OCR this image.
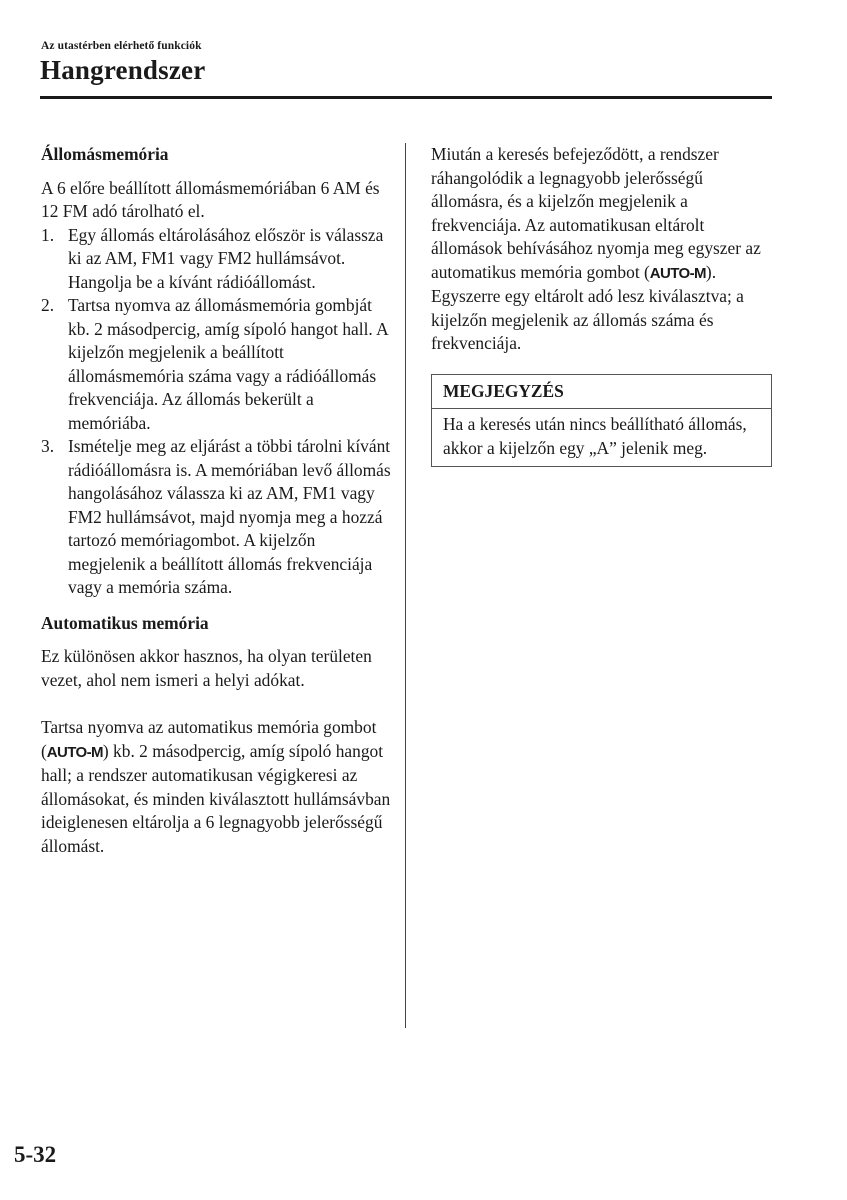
Az utastérben elérhető funkciók
Hangrendszer

Állomásmemória

A 6 előre beállított állomásmemóriában 6 AM és 12 FM adó tárolható el.

1. Egy állomás eltárolásához először is válassza ki az AM, FM1 vagy FM2 hullámsávot. Hangolja be a kívánt rádióállomást.
2. Tartsa nyomva az állomásmemória gombját kb. 2 másodpercig, amíg sípoló hangot hall. A kijelzőn megjelenik a beállított állomásmemória száma vagy a rádióállomás frekvenciája. Az állomás bekerült a memóriába.
3. Ismételje meg az eljárást a többi tárolni kívánt rádióállomásra is. A memóriában levő állomás hangolásához válassza ki az AM, FM1 vagy FM2 hullámsávot, majd nyomja meg a hozzá tartozó memóriagombot. A kijelzőn megjelenik a beállított állomás frekvenciája vagy a memória száma.

Automatikus memória

Ez különösen akkor hasznos, ha olyan területen vezet, ahol nem ismeri a helyi adókat.

Tartsa nyomva az automatikus memória gombot (AUTO-M) kb. 2 másodpercig, amíg sípoló hangot hall; a rendszer automatikusan végigkeresi az állomásokat, és minden kiválasztott hullámsávban ideiglenesen eltárolja a 6 legnagyobb jelerősségű állomást.

Miután a keresés befejeződött, a rendszer ráhangolódik a legnagyobb jelerősségű állomásra, és a kijelzőn megjelenik a frekvenciája. Az automatikusan eltárolt állomások behívásához nyomja meg egyszer az automatikus memória gombot (AUTO-M). Egyszerre egy eltárolt adó lesz kiválasztva; a kijelzőn megjelenik az állomás száma és frekvenciája.

MEGJEGYZÉS
Ha a keresés után nincs beállítható állomás, akkor a kijelzőn egy „A” jelenik meg.
5-32
